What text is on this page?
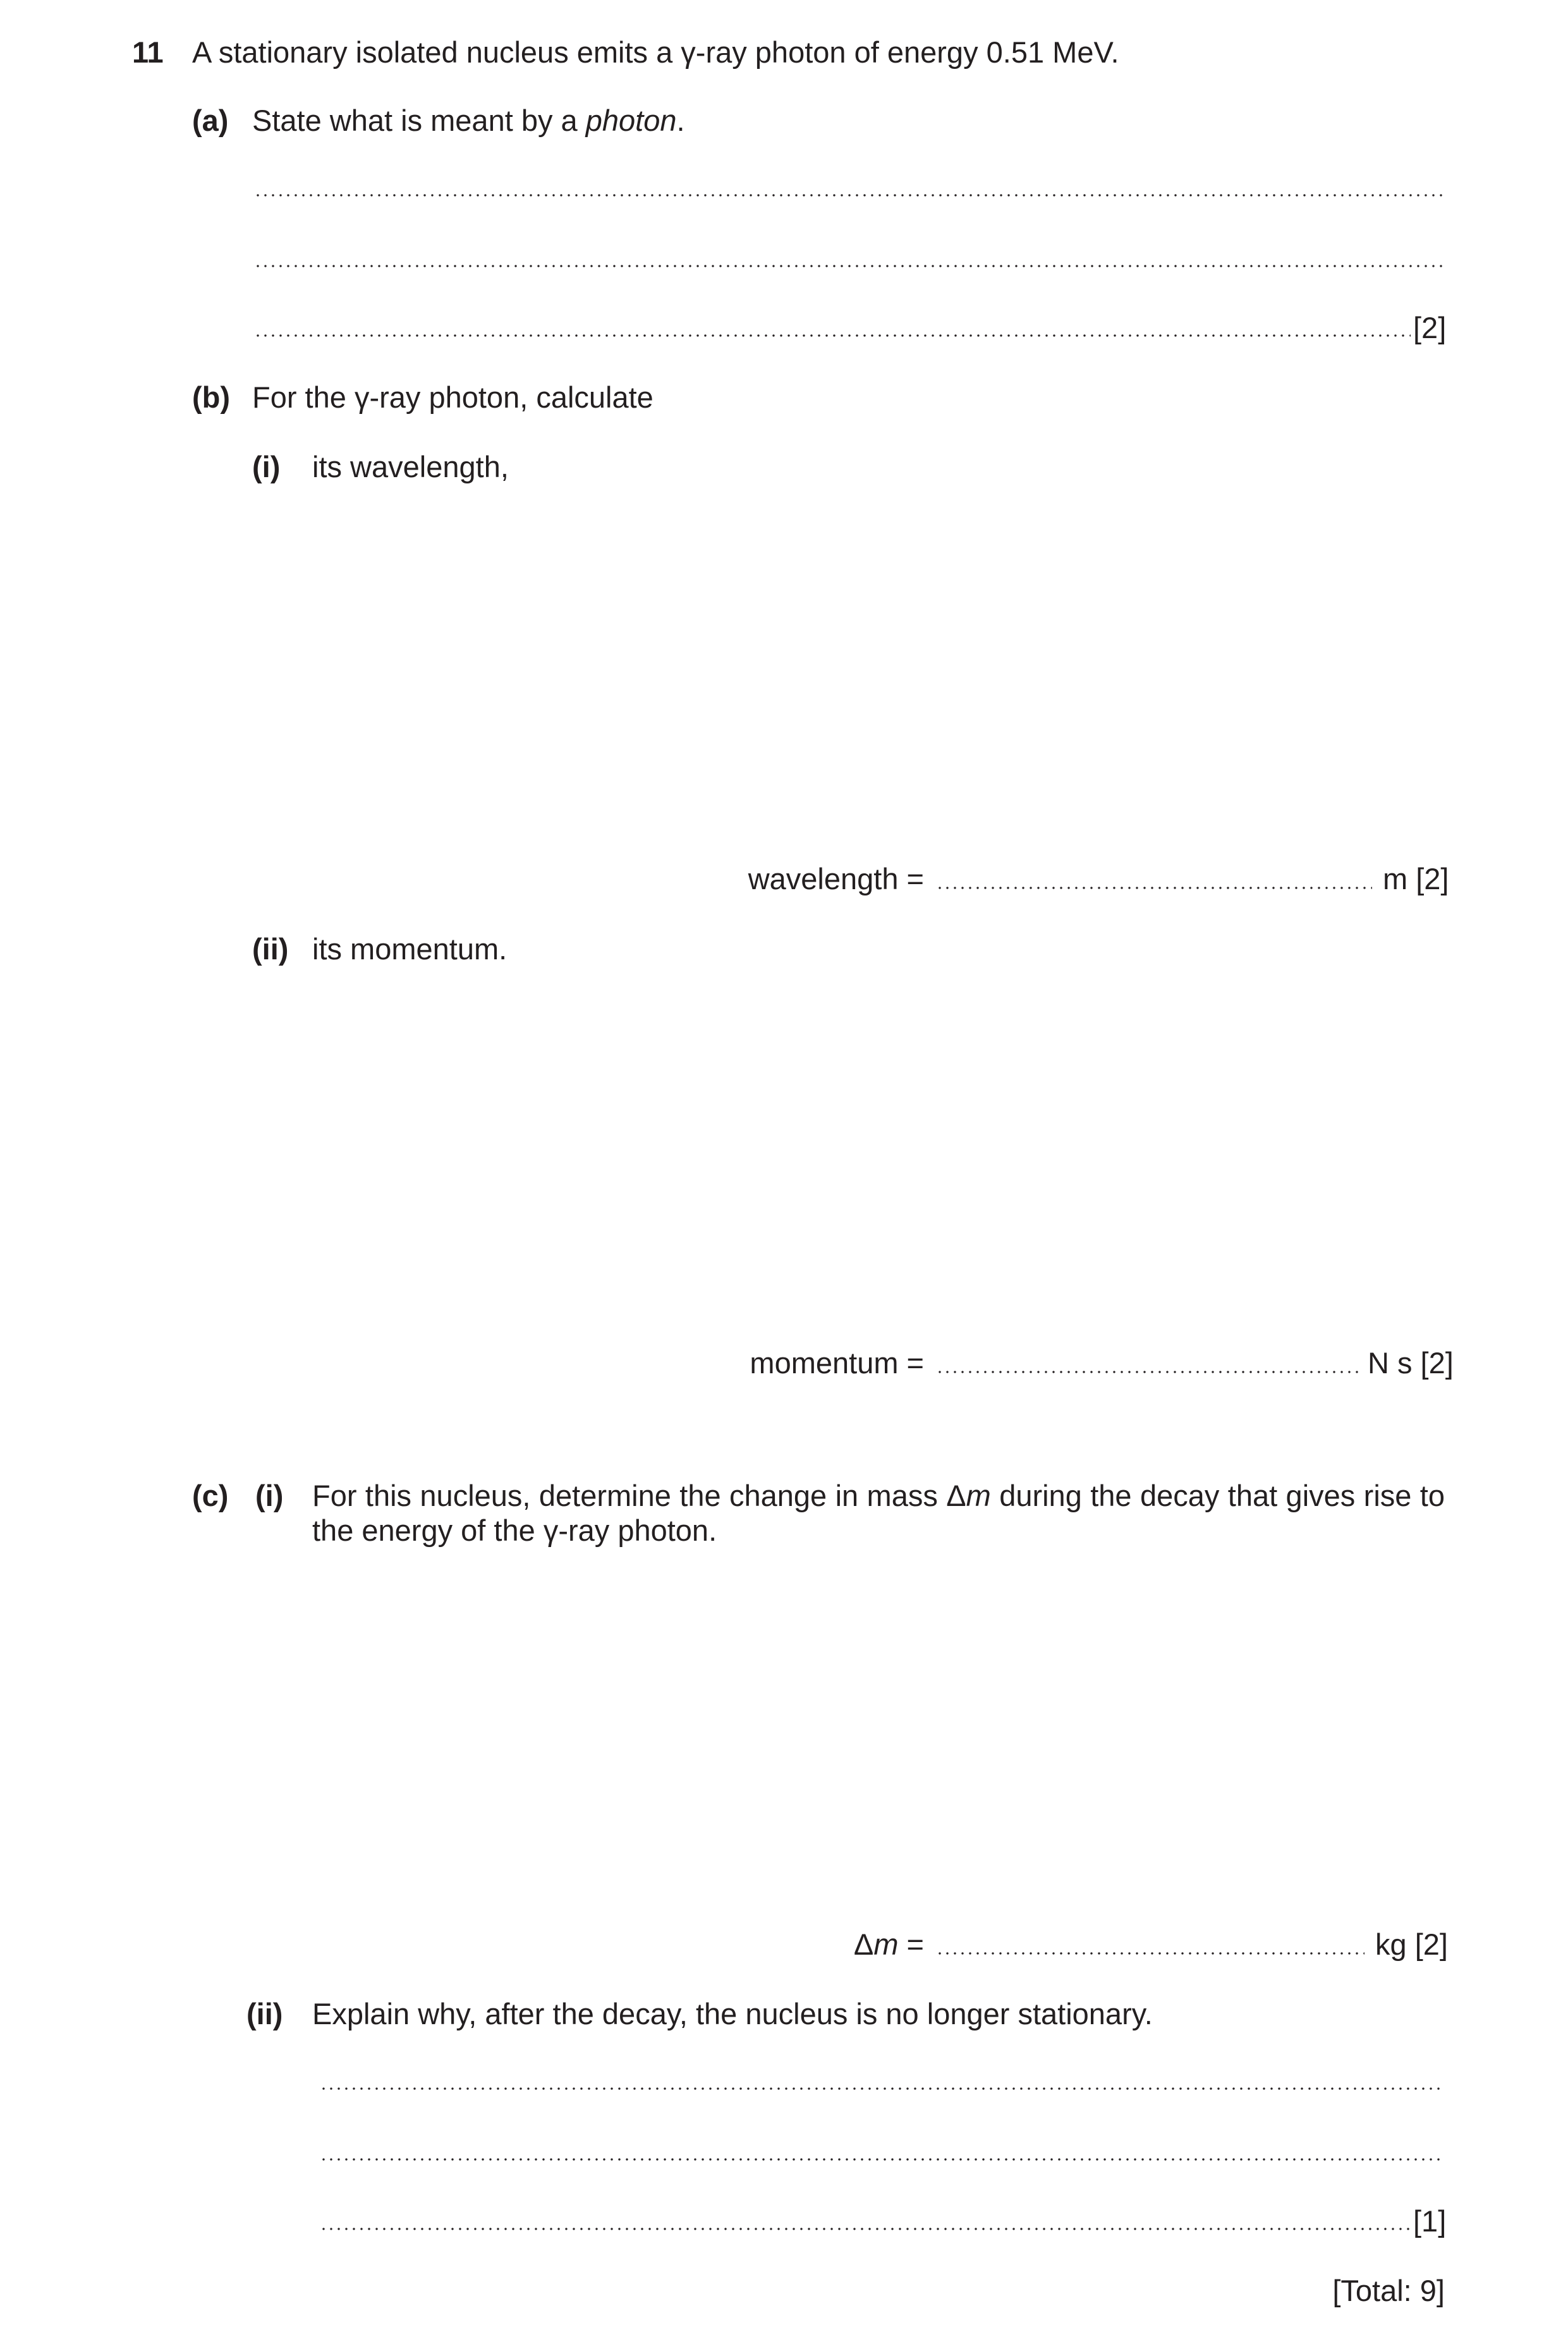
11 A stationary isolated nucleus emits a γ-ray photon of energy 0.51 MeV.
(a) State what is meant by a photon.
[2]
(b) For the γ-ray photon, calculate
(i) its wavelength,
wavelength =	m [2]
(ii) its momentum.
momentum =	N s [2]
(c) (i) For this nucleus, determine the change in mass Δm during the decay that gives rise to
the energy of the γ-ray photon.
Δm =	kg [2]
(ii) Explain why, after the decay, the nucleus is no longer stationary.
[1]
[Total: 9]
